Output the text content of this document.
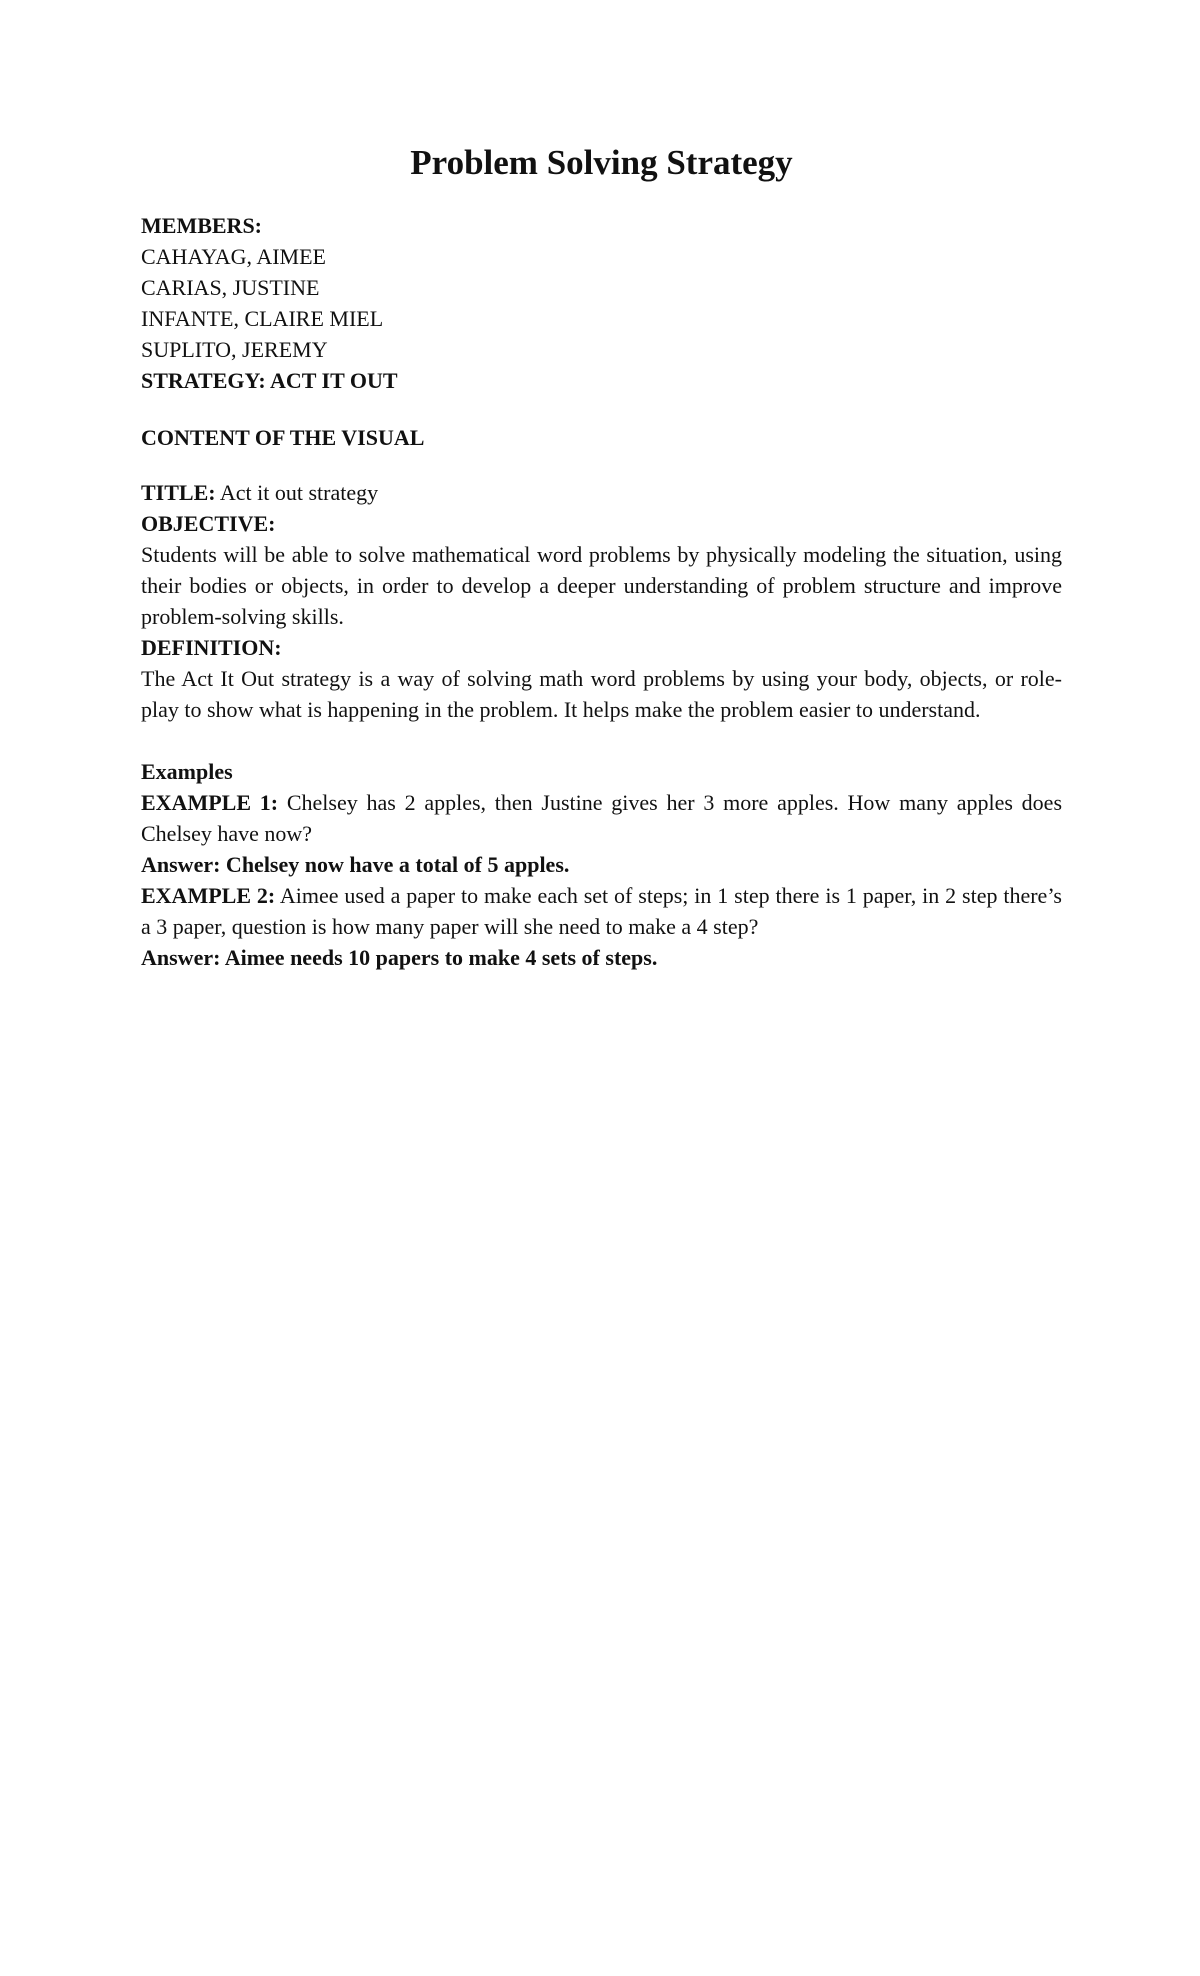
Problem Solving Strategy

MEMBERS:

CAHAYAG, AIMEE

CARIAS, JUSTINE

INFANTE, CLAIRE MIEL

SUPLITO, JEREMY

STRATEGY: ACT IT OUT

CONTENT OF THE VISUAL

TITLE: Act it out strategy

OBJECTIVE:

Students will be able to solve mathematical word problems by physically modeling the situation, using their bodies or objects, in order to develop a deeper understanding of problem structure and improve problem-solving skills.

DEFINITION:

The Act It Out strategy is a way of solving math word problems by using your body, objects, or role-play to show what is happening in the problem. It helps make the problem easier to understand.

Examples

EXAMPLE 1: Chelsey has 2 apples, then Justine gives her 3 more apples. How many apples does Chelsey have now?

Answer: Chelsey now have a total of 5 apples.

EXAMPLE 2: Aimee used a paper to make each set of steps; in 1 step there is 1 paper, in 2 step there’s a 3 paper, question is how many paper will she need to make a 4 step?

Answer: Aimee needs 10 papers to make 4 sets of steps.
